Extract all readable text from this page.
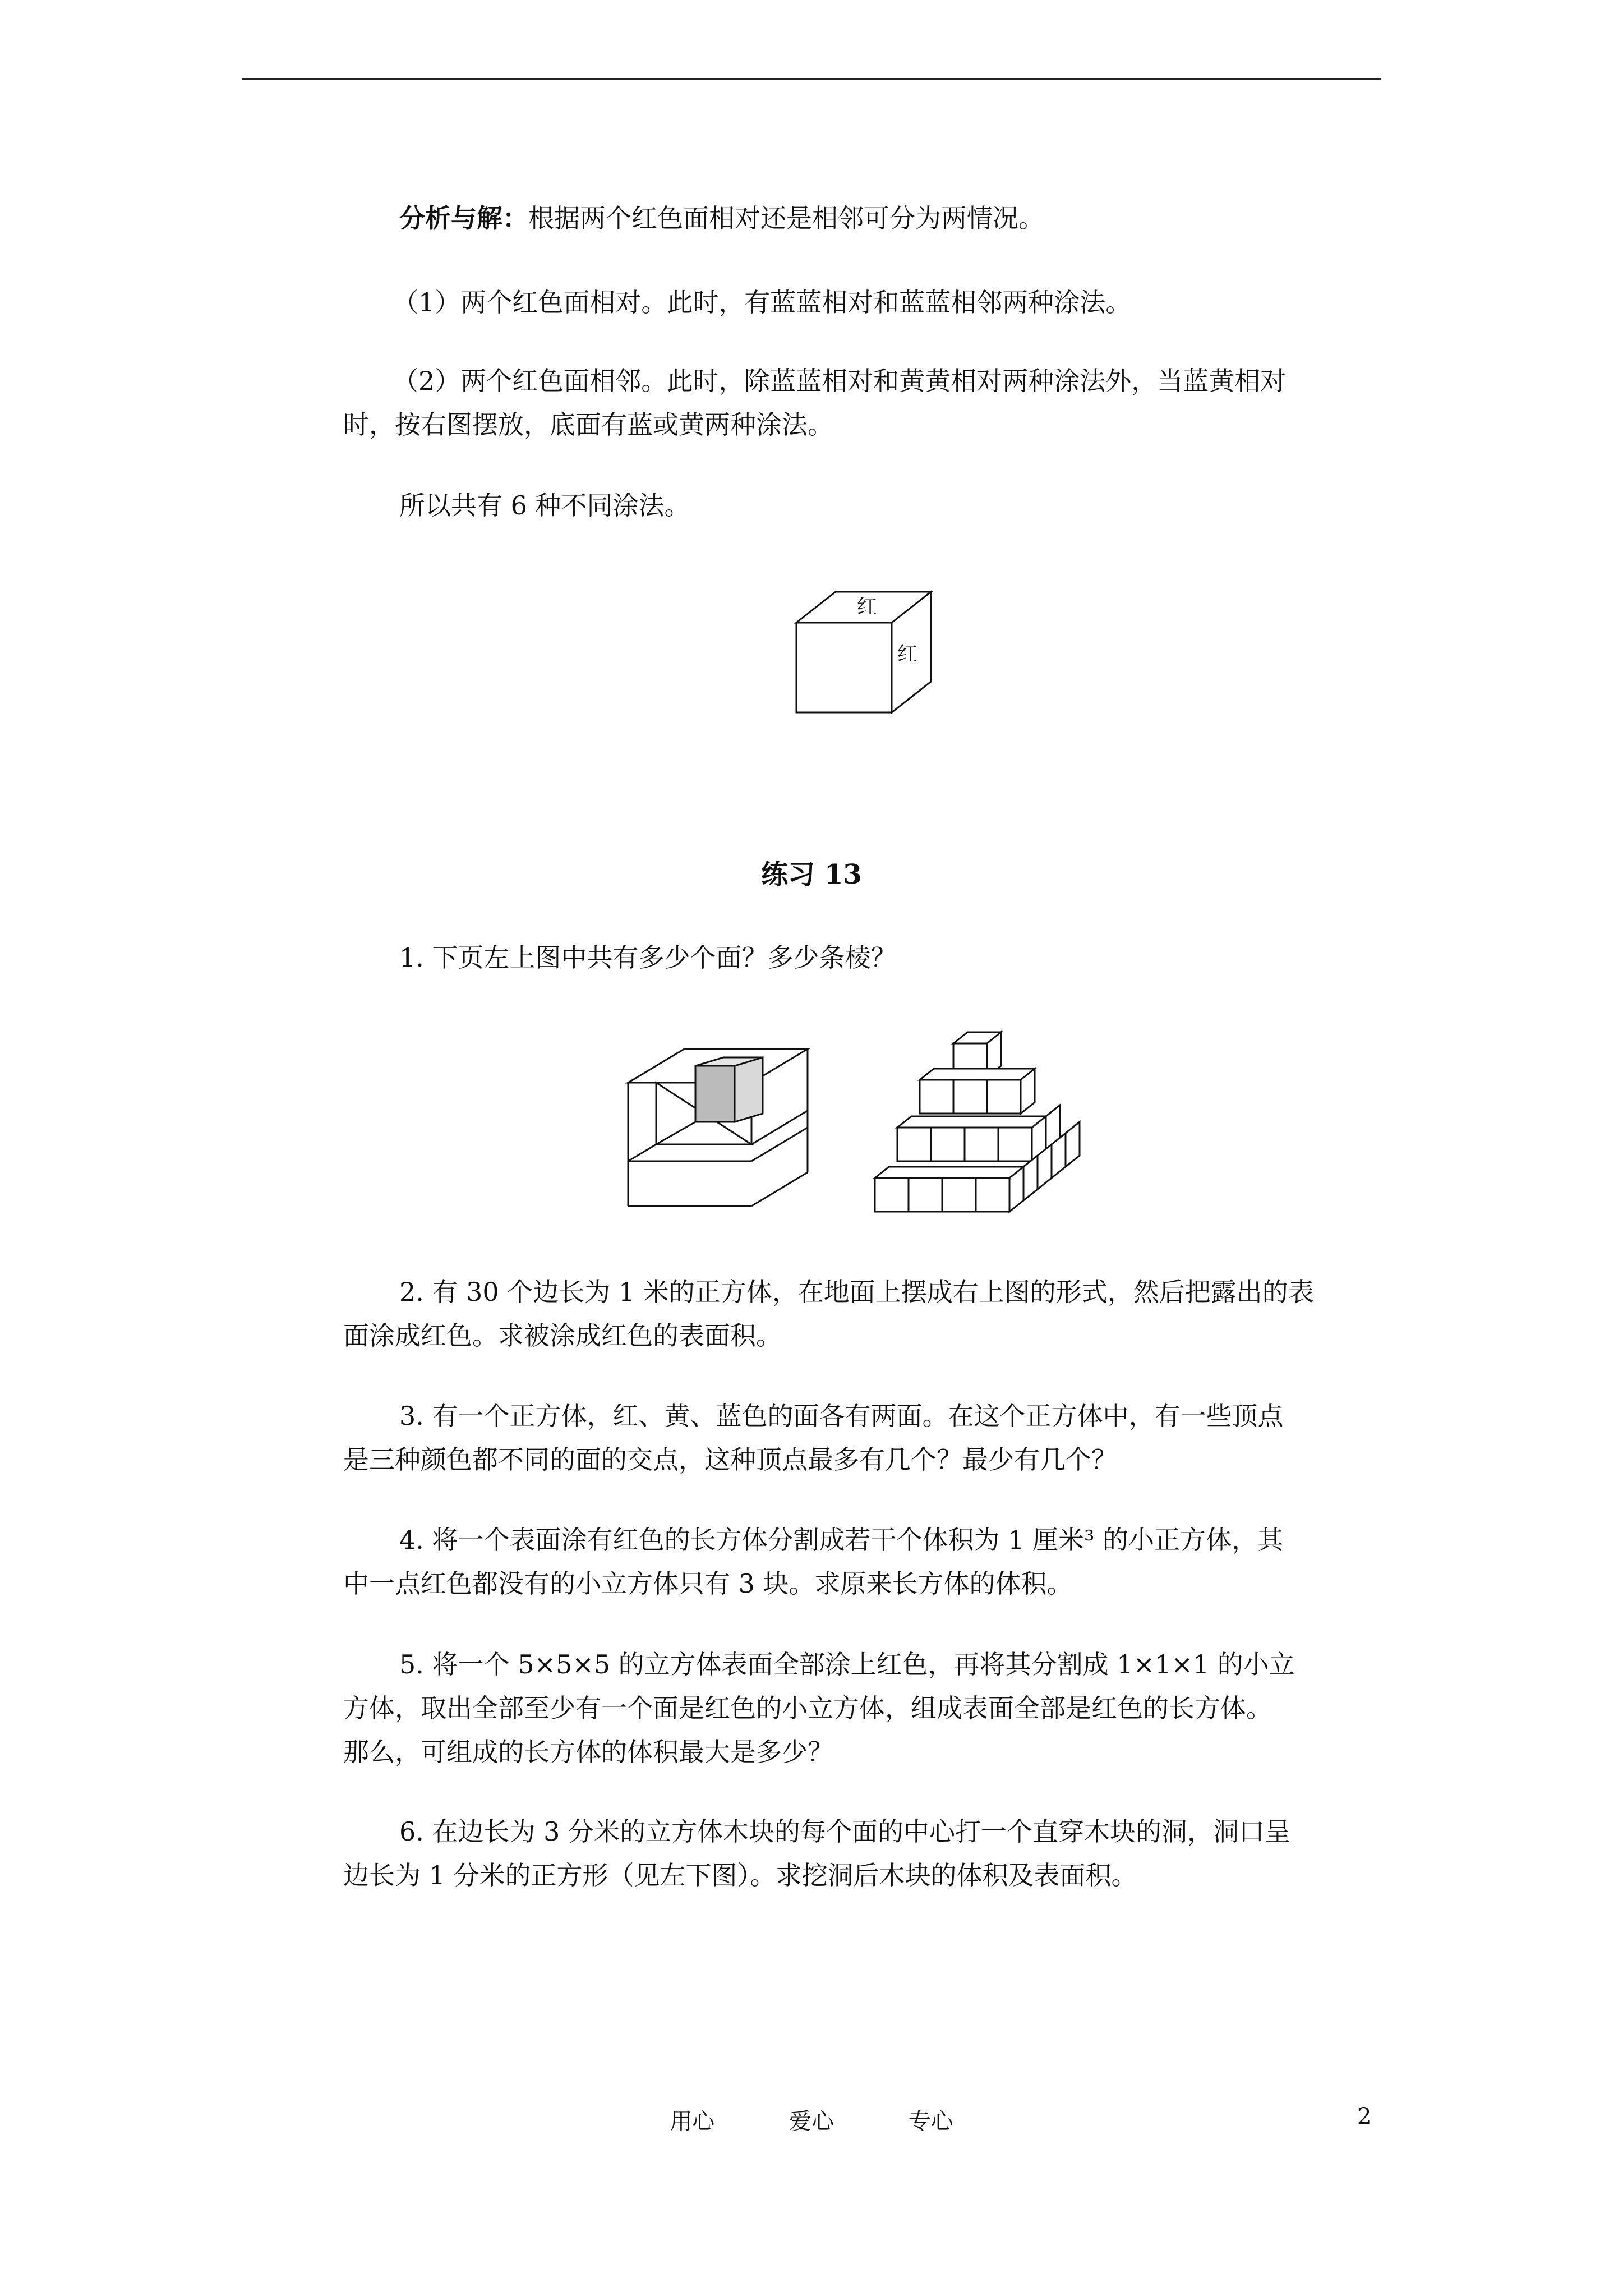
分析与解：根据两个红色面相对还是相邻可分为两情况。

（1）两个红色面相对。此时，有蓝蓝相对和蓝蓝相邻两种涂法。

（2）两个红色面相邻。此时，除蓝蓝相对和黄黄相对两种涂法外，当蓝黄相对

时，按右图摆放，底面有蓝或黄两种涂法。

所以共有 6 种不同涂法。

红
红

练习 13

1. 下页左上图中共有多少个面？多少条棱？

2. 有 30 个边长为 1 米的正方体，在地面上摆成右上图的形式，然后把露出的表

面涂成红色。求被涂成红色的表面积。

3. 有一个正方体，红、黄、蓝色的面各有两面。在这个正方体中，有一些顶点

是三种颜色都不同的面的交点，这种顶点最多有几个？最少有几个？

4. 将一个表面涂有红色的长方体分割成若干个体积为 1 厘米³ 的小正方体，其

中一点红色都没有的小立方体只有 3 块。求原来长方体的体积。

5. 将一个 5×5×5 的立方体表面全部涂上红色，再将其分割成 1×1×1 的小立

方体，取出全部至少有一个面是红色的小立方体，组成表面全部是红色的长方体。

那么，可组成的长方体的体积最大是多少？

6. 在边长为 3 分米的立方体木块的每个面的中心打一个直穿木块的洞，洞口呈

边长为 1 分米的正方形（见左下图）。求挖洞后木块的体积及表面积。

用心	爱心	专心	2
